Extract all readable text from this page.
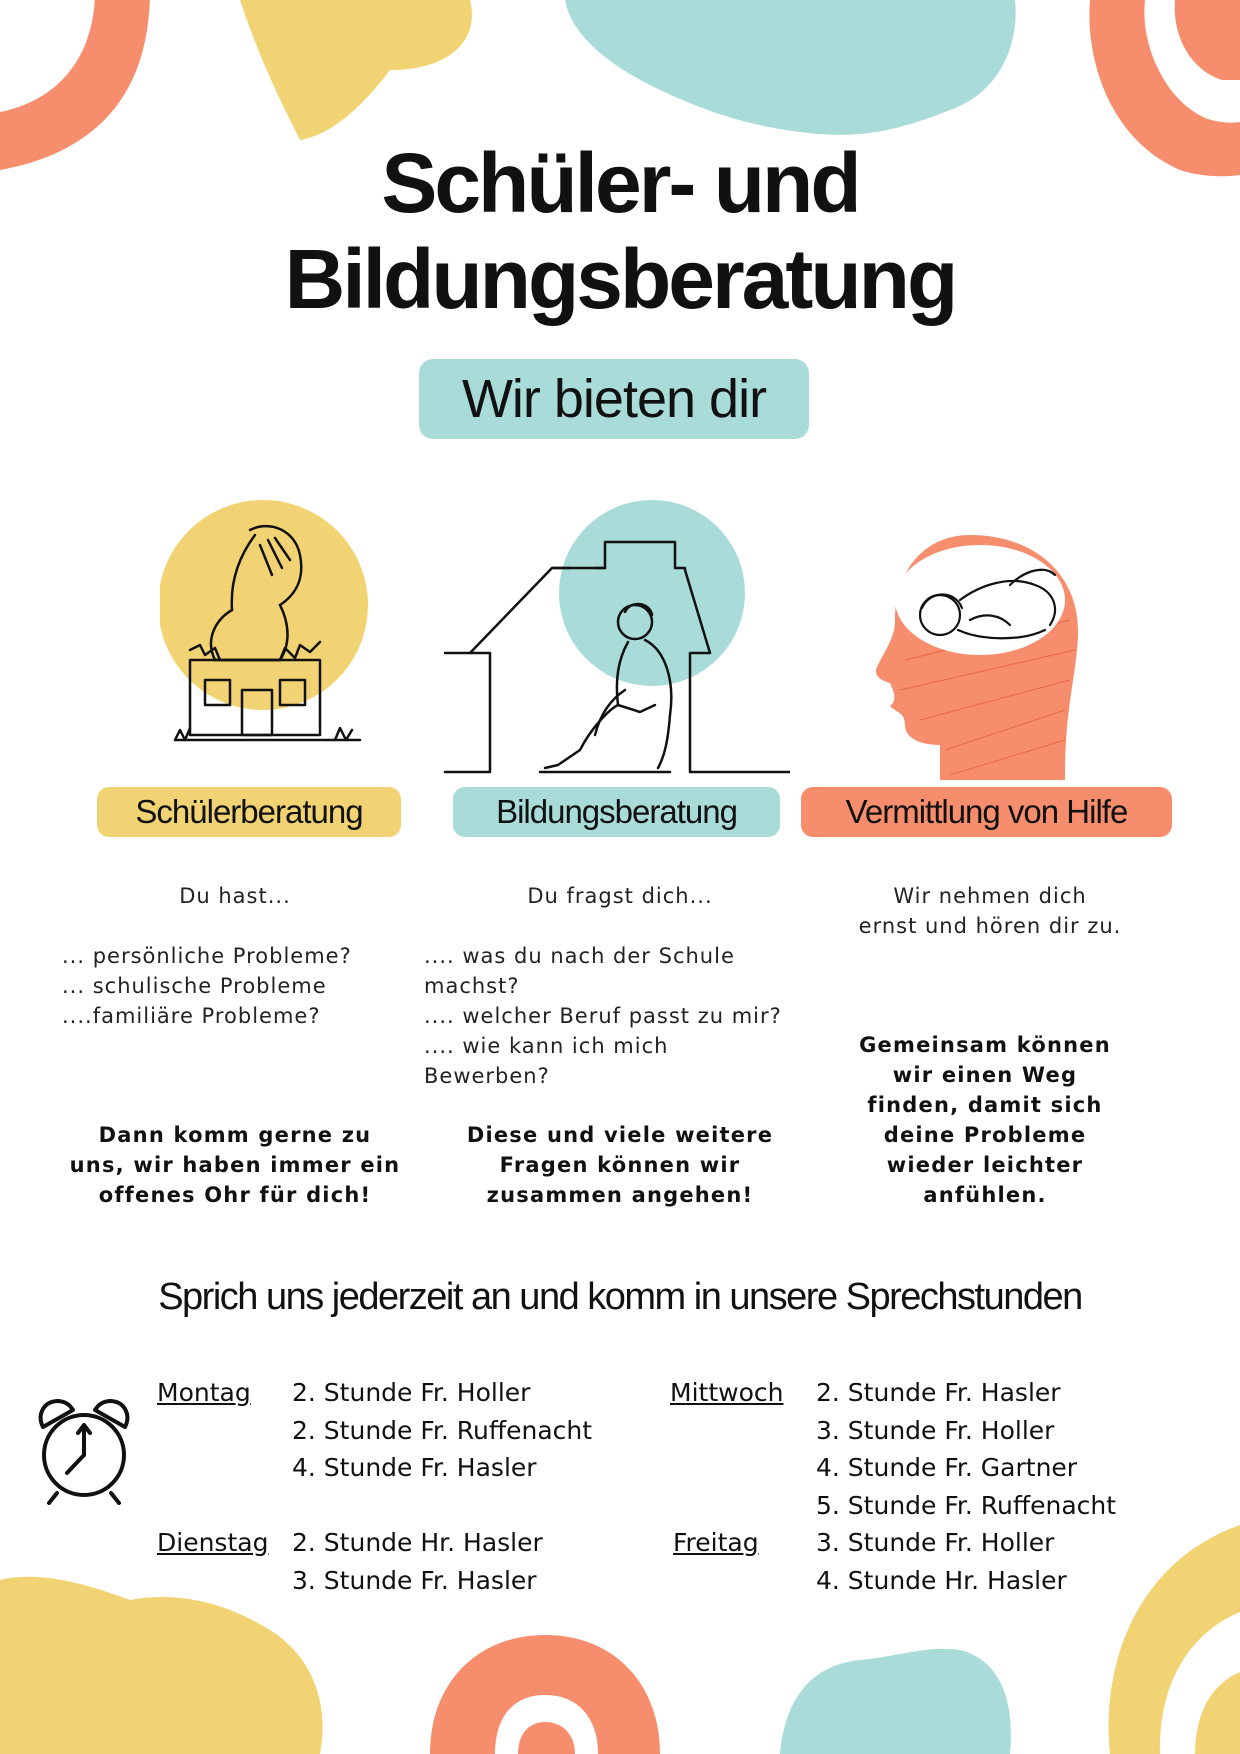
Schüler- und
Bildungsberatung
Wir bieten dir
Schülerberatung	Bildungsberatung	Vermittlung von Hilfe
Du hast...
... persönliche Probleme?
... schulische Probleme
....familiäre Probleme?
Dann komm gerne zu
uns, wir haben immer ein
offenes Ohr für dich!
Du fragst dich...
.... was du nach der Schule
machst?
.... welcher Beruf passt zu mir?
.... wie kann ich mich
Bewerben?
Diese und viele weitere
Fragen können wir
zusammen angehen!
Wir nehmen dich
ernst und hören dir zu.
Gemeinsam können
wir einen Weg
finden, damit sich
deine Probleme
wieder leichter
anfühlen.
Sprich uns jederzeit an und komm in unsere Sprechstunden
Montag 2. Stunde Fr. Holler
2. Stunde Fr. Ruffenacht
4. Stunde Fr. Hasler
Dienstag 2. Stunde Hr. Hasler
3. Stunde Fr. Hasler
Mittwoch 2. Stunde Fr. Hasler
3. Stunde Fr. Holler
4. Stunde Fr. Gartner
5. Stunde Fr. Ruffenacht
Freitag 3. Stunde Fr. Holler
4. Stunde Hr. Hasler
